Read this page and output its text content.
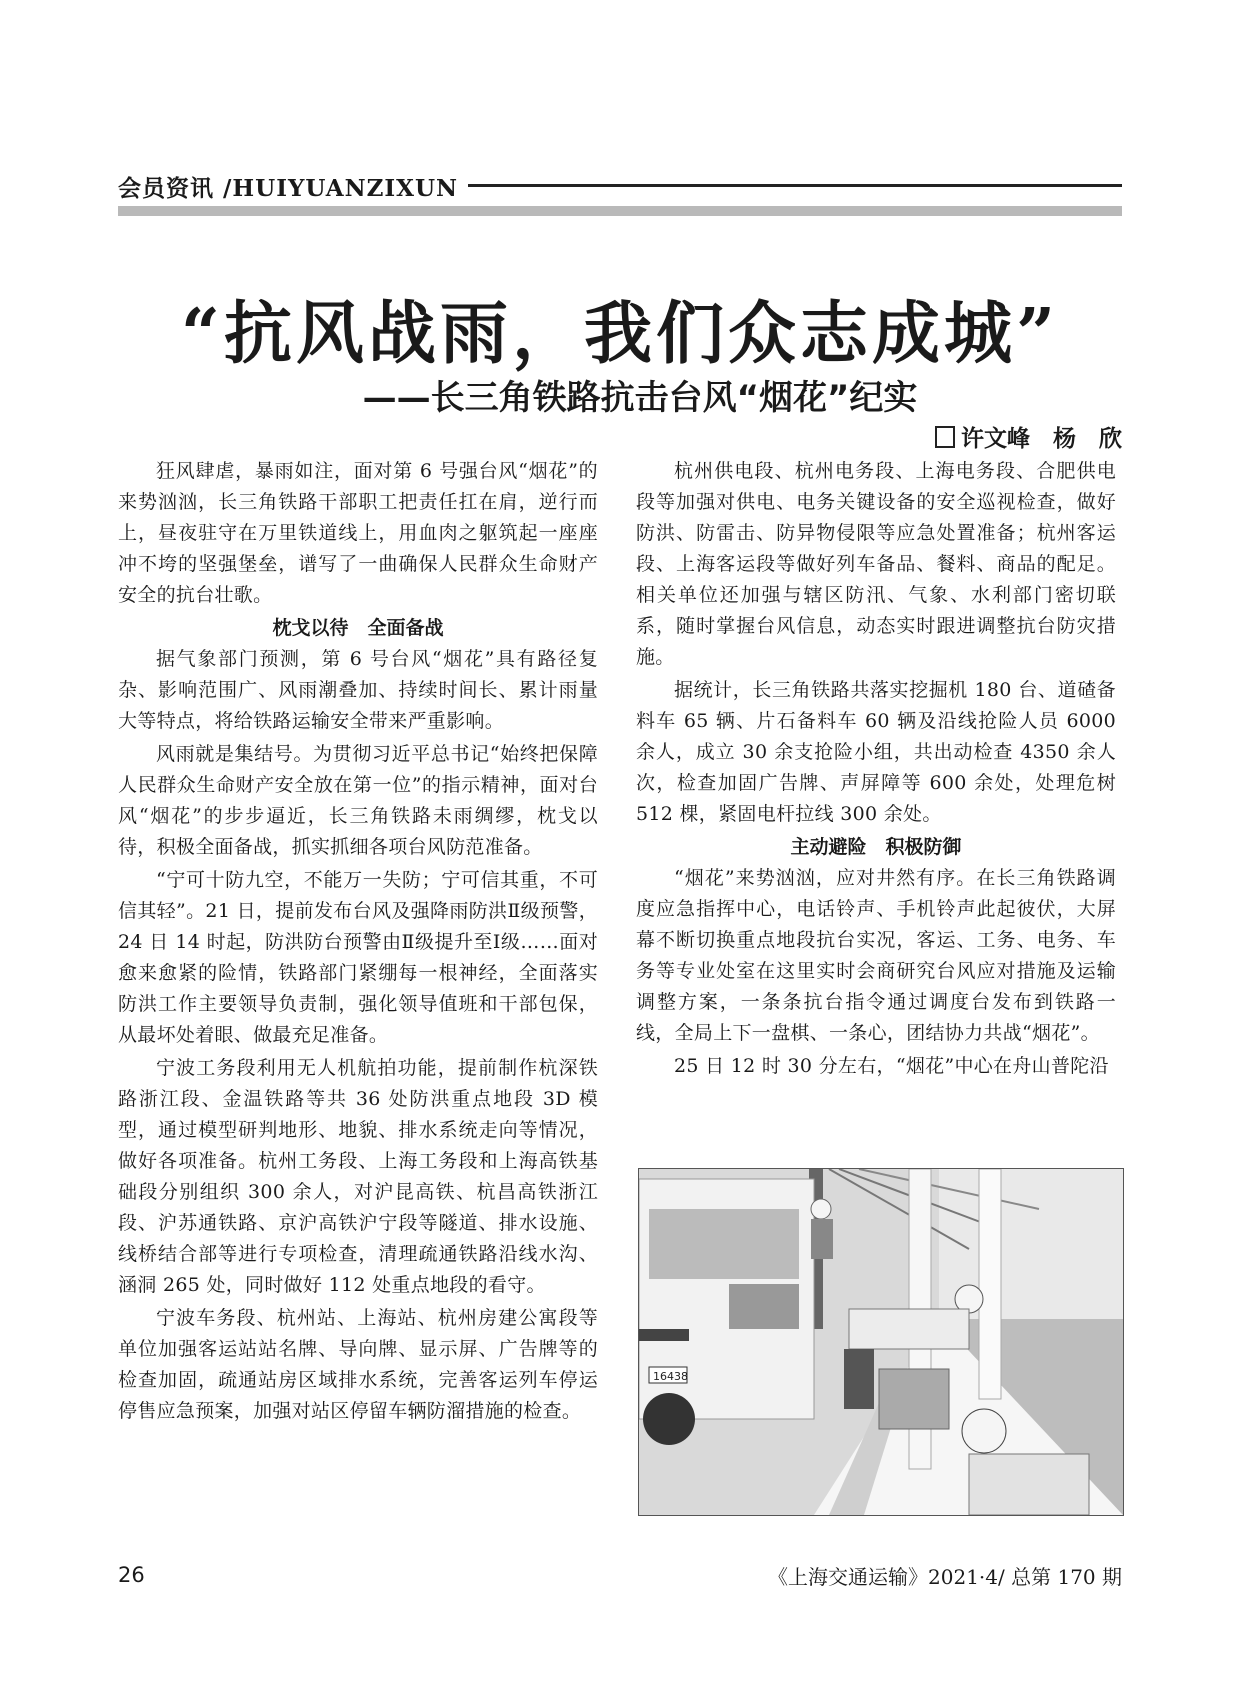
会员资讯 /HUIYUANZIXUN
“抗风战雨，我们众志成城”
——长三角铁路抗击台风“烟花”纪实
许文峰　杨　欣

狂风肆虐，暴雨如注，面对第 6 号强台风“烟花”的来势汹汹，长三角铁路干部职工把责任扛在肩，逆行而上，昼夜驻守在万里铁道线上，用血肉之躯筑起一座座冲不垮的坚强堡垒，谱写了一曲确保人民群众生命财产安全的抗台壮歌。

枕戈以待　全面备战

据气象部门预测，第 6 号台风“烟花”具有路径复杂、影响范围广、风雨潮叠加、持续时间长、累计雨量大等特点，将给铁路运输安全带来严重影响。

风雨就是集结号。为贯彻习近平总书记“始终把保障人民群众生命财产安全放在第一位”的指示精神，面对台风“烟花”的步步逼近，长三角铁路未雨绸缪，枕戈以待，积极全面备战，抓实抓细各项台风防范准备。

“宁可十防九空，不能万一失防；宁可信其重，不可信其轻”。21 日，提前发布台风及强降雨防洪Ⅱ级预警，24 日 14 时起，防洪防台预警由Ⅱ级提升至Ⅰ级……面对愈来愈紧的险情，铁路部门紧绷每一根神经，全面落实防洪工作主要领导负责制，强化领导值班和干部包保，从最坏处着眼、做最充足准备。

宁波工务段利用无人机航拍功能，提前制作杭深铁路浙江段、金温铁路等共 36 处防洪重点地段 3D 模型，通过模型研判地形、地貌、排水系统走向等情况，做好各项准备。杭州工务段、上海工务段和上海高铁基础段分别组织 300 余人，对沪昆高铁、杭昌高铁浙江段、沪苏通铁路、京沪高铁沪宁段等隧道、排水设施、线桥结合部等进行专项检查，清理疏通铁路沿线水沟、涵洞 265 处，同时做好 112 处重点地段的看守。

宁波车务段、杭州站、上海站、杭州房建公寓段等单位加强客运站站名牌、导向牌、显示屏、广告牌等的检查加固，疏通站房区域排水系统，完善客运列车停运停售应急预案，加强对站区停留车辆防溜措施的检查。

杭州供电段、杭州电务段、上海电务段、合肥供电段等加强对供电、电务关键设备的安全巡视检查，做好防洪、防雷击、防异物侵限等应急处置准备；杭州客运段、上海客运段等做好列车备品、餐料、商品的配足。相关单位还加强与辖区防汛、气象、水利部门密切联系，随时掌握台风信息，动态实时跟进调整抗台防灾措施。

据统计，长三角铁路共落实挖掘机 180 台、道碴备料车 65 辆、片石备料车 60 辆及沿线抢险人员 6000 余人，成立 30 余支抢险小组，共出动检查 4350 余人次，检查加固广告牌、声屏障等 600 余处，处理危树 512 棵，紧固电杆拉线 300 余处。

主动避险　积极防御

“烟花”来势汹汹，应对井然有序。在长三角铁路调度应急指挥中心，电话铃声、手机铃声此起彼伏，大屏幕不断切换重点地段抗台实况，客运、工务、电务、车务等专业处室在这里实时会商研究台风应对措施及运输调整方案，一条条抗台指令通过调度台发布到铁路一线，全局上下一盘棋、一条心，团结协力共战“烟花”。

25 日 12 时 30 分左右，“烟花”中心在舟山普陀沿

16438
26	《上海交通运输》2021·4/ 总第 170 期
